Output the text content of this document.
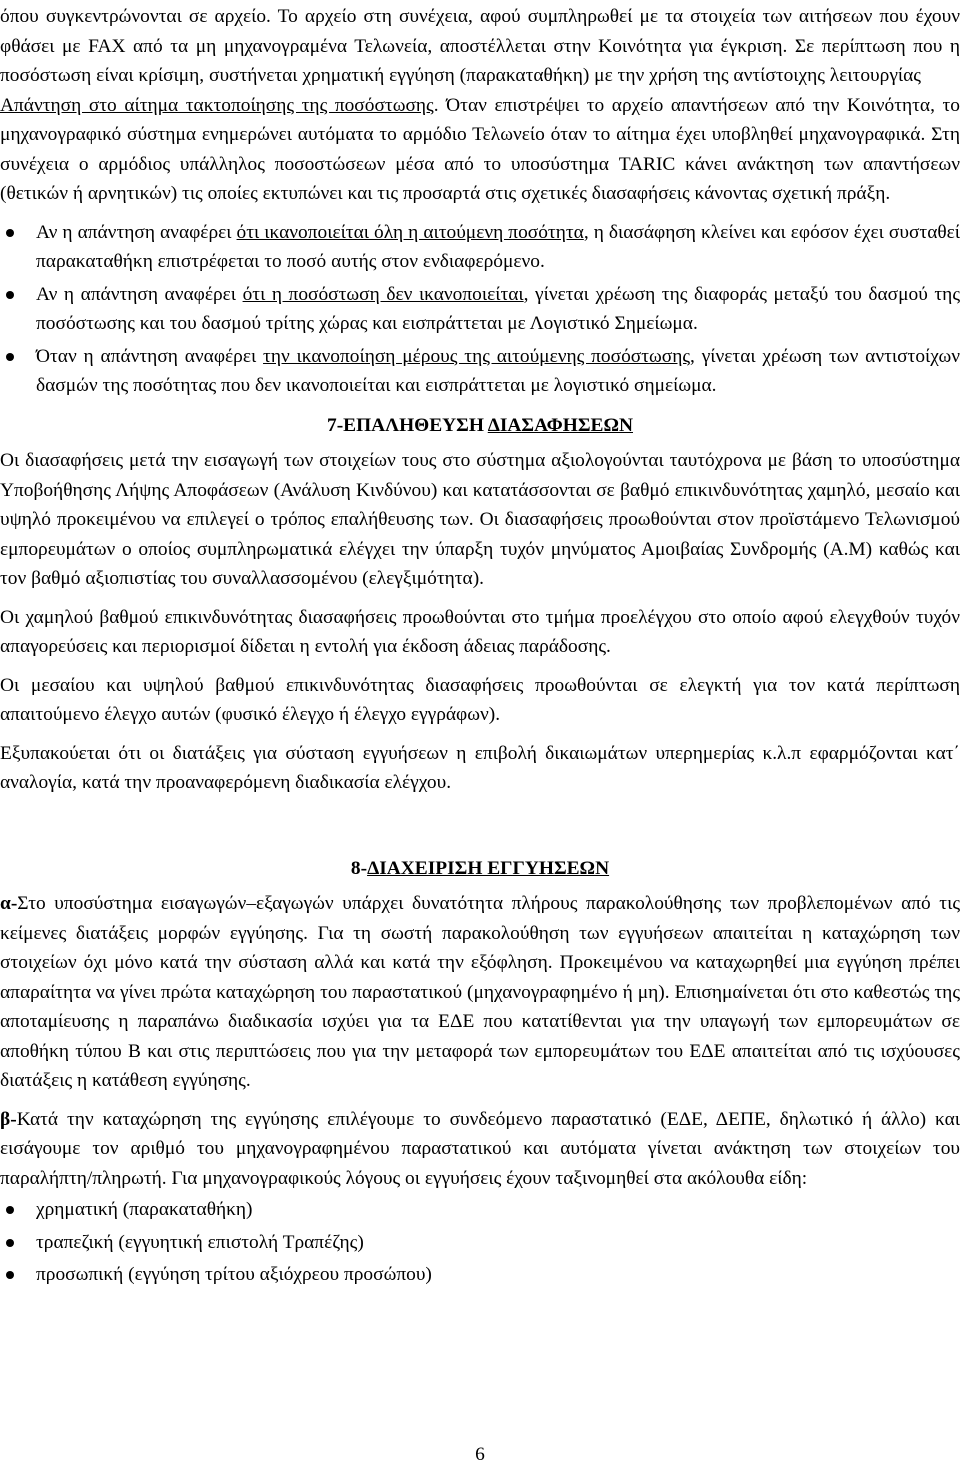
όπου συγκεντρώνονται σε αρχείο. Το αρχείο στη συνέχεια, αφού συμπληρωθεί με τα στοιχεία των αιτήσεων που έχουν φθάσει με FAX από τα μη μηχανογραμένα Τελωνεία, αποστέλλεται στην Κοινότητα για έγκριση. Σε περίπτωση που η ποσόστωση είναι κρίσιμη, συστήνεται χρηματική εγγύηση (παρακαταθήκη) με την χρήση της αντίστοιχης λειτουργίας
Απάντηση στο αίτημα τακτοποίησης της ποσόστωσης. Όταν επιστρέψει το αρχείο απαντήσεων από την Κοινότητα, το μηχανογραφικό σύστημα ενημερώνει αυτόματα το αρμόδιο Τελωνείο όταν το αίτημα έχει υποβληθεί μηχανογραφικά. Στη συνέχεια ο αρμόδιος υπάλληλος ποσοστώσεων μέσα από το υποσύστημα TARIC κάνει ανάκτηση των απαντήσεων (θετικών ή αρνητικών) τις οποίες εκτυπώνει και τις προσαρτά στις σχετικές διασαφήσεις κάνοντας σχετική πράξη.

Αν η απάντηση αναφέρει ότι ικανοποιείται όλη η αιτούμενη ποσότητα, η διασάφηση κλείνει και εφόσον έχει συσταθεί παρακαταθήκη επιστρέφεται το ποσό αυτής στον ενδιαφερόμενο.
Αν η απάντηση αναφέρει ότι η ποσόστωση δεν ικανοποιείται, γίνεται χρέωση της διαφοράς μεταξύ του δασμού της ποσόστωσης και του δασμού τρίτης χώρας και εισπράττεται με Λογιστικό Σημείωμα.
Όταν η απάντηση αναφέρει την ικανοποίηση μέρους της αιτούμενης ποσόστωσης, γίνεται χρέωση των αντιστοίχων δασμών της ποσότητας που δεν ικανοποιείται και εισπράττεται με λογιστικό σημείωμα.

7-ΕΠΑΛΗΘΕΥΣΗ ΔΙΑΣΑΦΗΣΕΩΝ

Οι διασαφήσεις μετά την εισαγωγή των στοιχείων τους στο σύστημα αξιολογούνται ταυτόχρονα με βάση το υποσύστημα Υποβοήθησης Λήψης Αποφάσεων (Ανάλυση Κινδύνου) και κατατάσσονται σε βαθμό επικινδυνότητας χαμηλό, μεσαίο και υψηλό προκειμένου να επιλεγεί ο τρόπος επαλήθευσης των. Οι διασαφήσεις προωθούνται στον προϊστάμενο Τελωνισμού εμπορευμάτων ο οποίος συμπληρωματικά ελέγχει την ύπαρξη τυχόν μηνύματος Αμοιβαίας Συνδρομής (Α.Μ) καθώς και τον βαθμό αξιοπιστίας του συναλλασσομένου (ελεγξιμότητα).

Οι χαμηλού βαθμού επικινδυνότητας διασαφήσεις προωθούνται στο τμήμα προελέγχου στο οποίο αφού ελεγχθούν τυχόν απαγορεύσεις και περιορισμοί δίδεται η εντολή για έκδοση άδειας παράδοσης.

Οι μεσαίου και υψηλού βαθμού επικινδυνότητας διασαφήσεις προωθούνται σε ελεγκτή για τον κατά περίπτωση απαιτούμενο έλεγχο αυτών (φυσικό έλεγχο ή έλεγχο εγγράφων).

Εξυπακούεται ότι οι διατάξεις για σύσταση εγγυήσεων η επιβολή δικαιωμάτων υπερημερίας κ.λ.π εφαρμόζονται κατ΄ αναλογία, κατά την προαναφερόμενη διαδικασία ελέγχου.

8-ΔΙΑΧΕΙΡΙΣΗ ΕΓΓΥΗΣΕΩΝ

α-Στο υποσύστημα εισαγωγών–εξαγωγών υπάρχει δυνατότητα πλήρους παρακολούθησης των προβλεπομένων από τις κείμενες διατάξεις μορφών εγγύησης. Για τη σωστή παρακολούθηση των εγγυήσεων απαιτείται η καταχώρηση των στοιχείων όχι μόνο κατά την σύσταση αλλά και κατά την εξόφληση. Προκειμένου να καταχωρηθεί μια εγγύηση πρέπει απαραίτητα να γίνει πρώτα καταχώρηση του παραστατικού (μηχανογραφημένο ή μη). Επισημαίνεται ότι στο καθεστώς της αποταμίευσης η παραπάνω διαδικασία ισχύει για τα ΕΔΕ που κατατίθενται για την υπαγωγή των εμπορευμάτων σε αποθήκη τύπου Β και στις περιπτώσεις που για την μεταφορά των εμπορευμάτων του ΕΔΕ απαιτείται από τις ισχύουσες διατάξεις η κατάθεση εγγύησης.

β-Κατά την καταχώρηση της εγγύησης επιλέγουμε το συνδεόμενο παραστατικό (ΕΔΕ, ΔΕΠΕ, δηλωτικό ή άλλο) και εισάγουμε τον αριθμό του μηχανογραφημένου παραστατικού και αυτόματα γίνεται ανάκτηση των στοιχείων του παραλήπτη/πληρωτή. Για μηχανογραφικούς λόγους οι εγγυήσεις έχουν ταξινομηθεί στα ακόλουθα είδη:

χρηματική (παρακαταθήκη)
τραπεζική (εγγυητική επιστολή Τραπέζης)
προσωπική (εγγύηση τρίτου αξιόχρεου προσώπου)
6
